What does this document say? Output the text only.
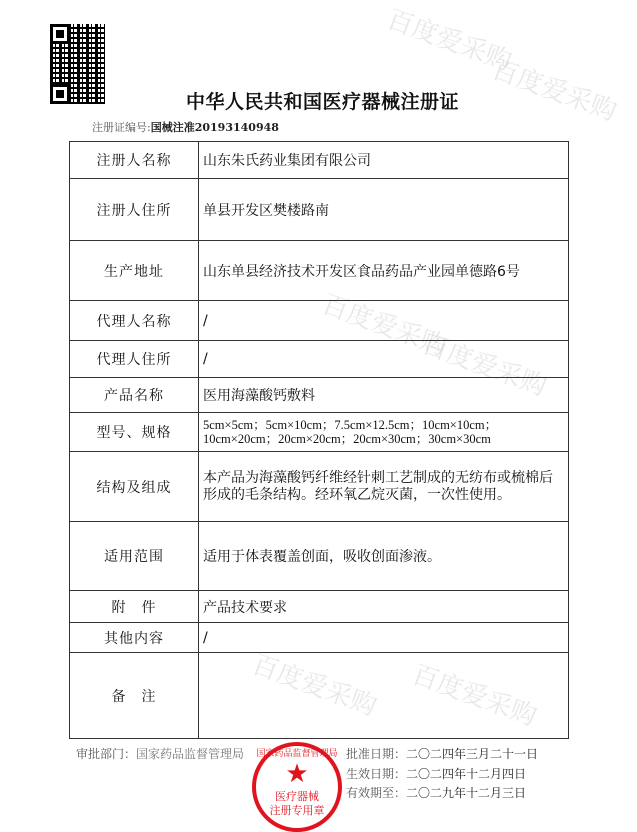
百度爱采购
百度爱采购
百度爱采购
百度爱采购
百度爱采购 百度爱采购
中华人民共和国医疗器械注册证
注册证编号:国械注准20193140948
注册人名称	山东朱氏药业集团有限公司
注册人住所	单县开发区樊楼路南
生产地址	山东单县经济技术开发区食品药品产业园单德路6号
代理人名称	/
代理人住所	/
产品名称	医用海藻酸钙敷料
型号、规格	5cm×5cm；5cm×10cm；7.5cm×12.5cm；10cm×10cm；10cm×20cm；20cm×20cm；20cm×30cm；30cm×30cm
结构及组成	本产品为海藻酸钙纤维经针刺工艺制成的无纺布或梳棉后形成的毛条结构。经环氧乙烷灭菌，一次性使用。
适用范围	适用于体表覆盖创面，吸收创面渗液。
附　件	产品技术要求
其他内容	/
备　注	
审批部门：国家药品监督管理局	批准日期：二〇二四年三月二十一日
生效日期：二〇二四年十二月四日
有效期至：二〇二九年十二月三日
国家药品监督管理局
★
医疗器械
注册专用章
